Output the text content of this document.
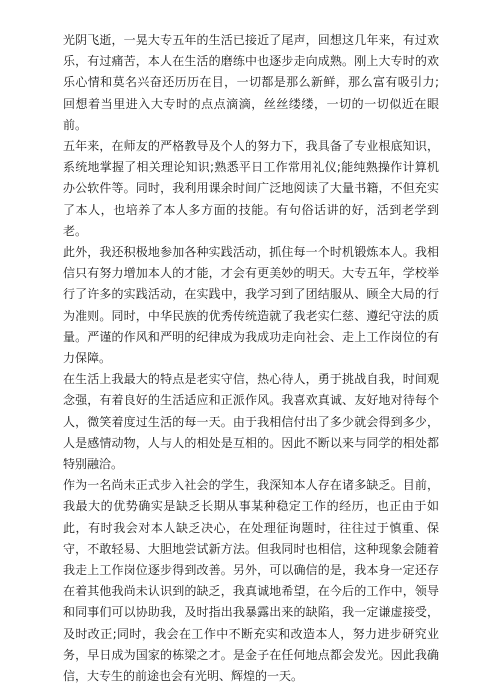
光阴飞逝，一晃大专五年的生活已接近了尾声，回想这几年来，有过欢乐，有过痛苦，本人在生活的磨练中也逐步走向成熟。刚上大专时的欢乐心情和莫名兴奋还历历在目，一切都是那么新鲜，那么富有吸引力;回想着当里进入大专时的点点滴滴，丝丝缕缕，一切的一切似近在眼前。

五年来，在师友的严格教导及个人的努力下，我具备了专业根底知识，系统地掌握了相关理论知识;熟悉平日工作常用礼仪;能纯熟操作计算机办公软件等。同时，我利用课余时间广泛地阅读了大量书籍，不但充实了本人，也培养了本人多方面的技能。有句俗话讲的好，活到老学到老。

此外，我还积极地参加各种实践活动，抓住每一个时机锻炼本人。我相信只有努力增加本人的才能，才会有更美妙的明天。大专五年，学校举行了许多的实践活动，在实践中，我学习到了团结服从、顾全大局的行为准则。同时，中华民族的优秀传统造就了我老实仁慈、遵纪守法的质量。严谨的作风和严明的纪律成为我成功走向社会、走上工作岗位的有力保障。

在生活上我最大的特点是老实守信，热心待人，勇于挑战自我，时间观念强，有着良好的生活适应和正派作风。我喜欢真诚、友好地对待每个人，微笑着度过生活的每一天。由于我相信付出了多少就会得到多少，人是感情动物，人与人的相处是互相的。因此不断以来与同学的相处都特别融洽。

作为一名尚未正式步入社会的学生，我深知本人存在诸多缺乏。目前，我最大的优势确实是缺乏长期从事某种稳定工作的经历，也正由于如此，有时我会对本人缺乏决心，在处理征询题时，往往过于慎重、保守，不敢轻易、大胆地尝试新方法。但我同时也相信，这种现象会随着我走上工作岗位逐步得到改善。另外，可以确信的是，我本身一定还存在着其他我尚未认识到的缺乏，我真诚地希望，在今后的工作中，领导和同事们可以协助我，及时指出我暴露出来的缺陷，我一定谦虚接受，及时改正;同时，我会在工作中不断充实和改造本人，努力进步研究业务，早日成为国家的栋梁之才。是金子在任何地点都会发光。因此我确信，大专生的前途也会有光明、辉煌的一天。
